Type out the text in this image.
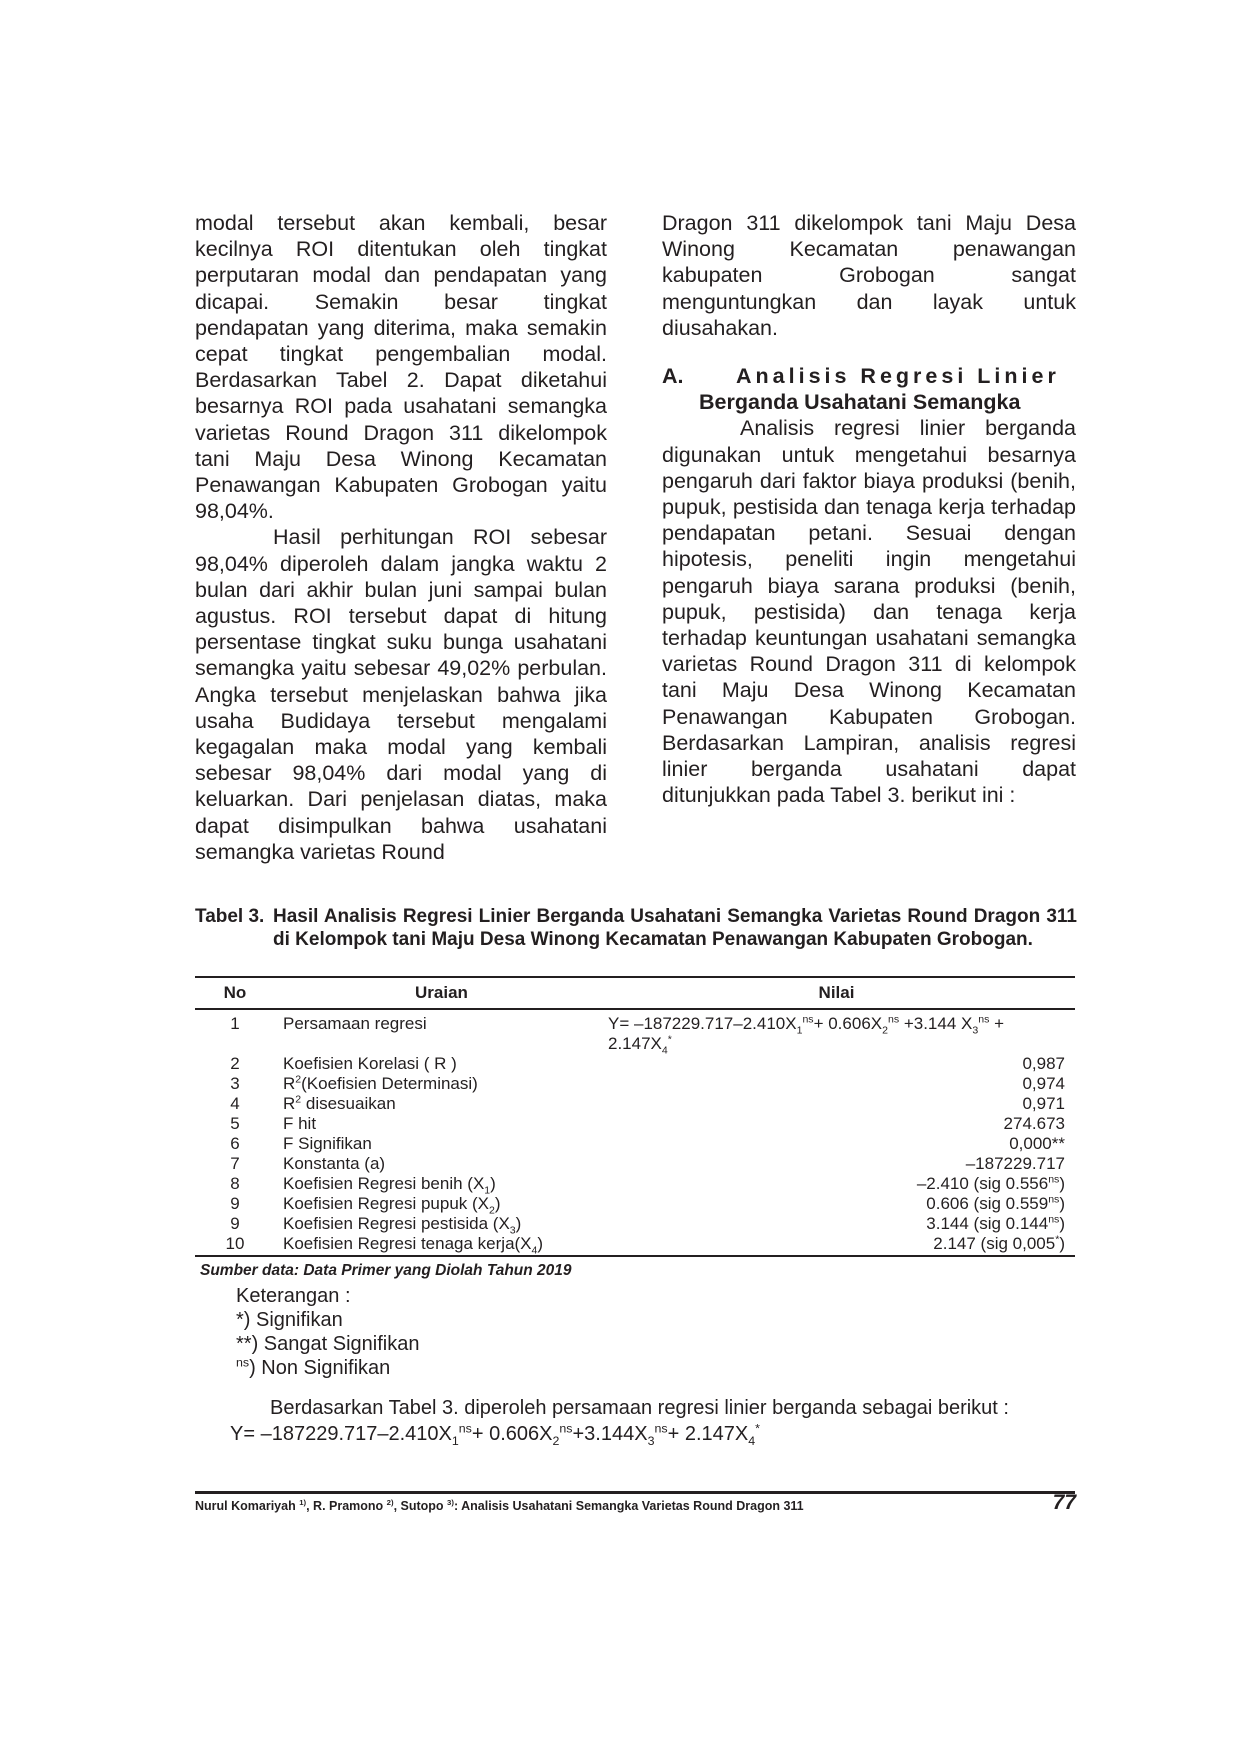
modal tersebut akan kembali, besar kecilnya ROI ditentukan oleh tingkat perputaran modal dan pendapatan yang dicapai. Semakin besar tingkat pendapatan yang diterima, maka semakin cepat tingkat pengembalian modal. Berdasarkan Tabel 2. Dapat diketahui besarnya ROI pada usahatani semangka varietas Round Dragon 311 dikelompok tani Maju Desa Winong Kecamatan Penawangan Kabupaten Grobogan yaitu 98,04%.

Hasil perhitungan ROI sebesar 98,04% diperoleh dalam jangka waktu 2 bulan dari akhir bulan juni sampai bulan agustus. ROI tersebut dapat di hitung persentase tingkat suku bunga usahatani semangka yaitu sebesar 49,02% perbulan. Angka tersebut menjelaskan bahwa jika usaha Budidaya tersebut mengalami kegagalan maka modal yang kembali sebesar 98,04% dari modal yang di keluarkan. Dari penjelasan diatas, maka dapat disimpulkan bahwa usahatani semangka varietas Round

Dragon 311 dikelompok tani Maju Desa Winong Kecamatan penawangan kabupaten Grobogan sangat menguntungkan dan layak untuk diusahakan.

A. Analisis Regresi Linier

Berganda Usahatani Semangka

Analisis regresi linier berganda digunakan untuk mengetahui besarnya pengaruh dari faktor biaya produksi (benih, pupuk, pestisida dan tenaga kerja terhadap pendapatan petani. Sesuai dengan hipotesis, peneliti ingin mengetahui pengaruh biaya sarana produksi (benih, pupuk, pestisida) dan tenaga kerja terhadap keuntungan usahatani semangka varietas Round Dragon 311 di kelompok tani Maju Desa Winong Kecamatan Penawangan Kabupaten Grobogan. Berdasarkan Lampiran, analisis regresi linier berganda usahatani dapat ditunjukkan pada Tabel 3. berikut ini :

Tabel 3. Hasil Analisis Regresi Linier Berganda Usahatani Semangka Varietas Round Dragon 311 di Kelompok tani Maju Desa Winong Kecamatan Penawangan Kabupaten Grobogan.
No	Uraian	Nilai
1	Persamaan regresi	$Y= -187229.717-2.410X_1^{ns}+ 0.606X_2^{ns} +3.144$ $X_3^{ns}$ +
$2.147X_4^*$
2	Koefisien Korelasi ( R )	0,987
3	$R^2(Koefisien$ Determinasi)	0,974
4	$R^2$ disesuaikan	0,971
5	F hit	274.673
6	F Signifikan	0,000**
7	Konstanta (a)	–187229.717
8	Koefisien Regresi benih $(X_1)$	–2.410 (sig $0.556^{ns}$)
9	Koefisien Regresi pupuk $(X_2)$	0.606 (sig $0.559^{ns}$)
9	Koefisien Regresi pestisida $(X_3)$	3.144 (sig $0.144^{ns}$)
10	Koefisien Regresi tenaga $kerja(X_4)$	2.147 (sig 0,005*)
Sumber data: Data Primer yang Diolah Tahun 2019
Keterangan :
*) Signifikan
**) Sangat Signifikan
$^{ns}$) Non Signifikan
Berdasarkan Tabel 3. diperoleh persamaan regresi linier berganda sebagai berikut :
$Y= -187229.717-2.410X_1^{ns}+ 0.606X_2^{ns}+3.144X_3^{ns}+ 2.147X_4^*$
Nurul Komariyah $^{1)}$, R. Pramono $^{2)}$, Sutopo $^{3)}$: Analisis Usahatani Semangka Varietas Round Dragon 311	77
